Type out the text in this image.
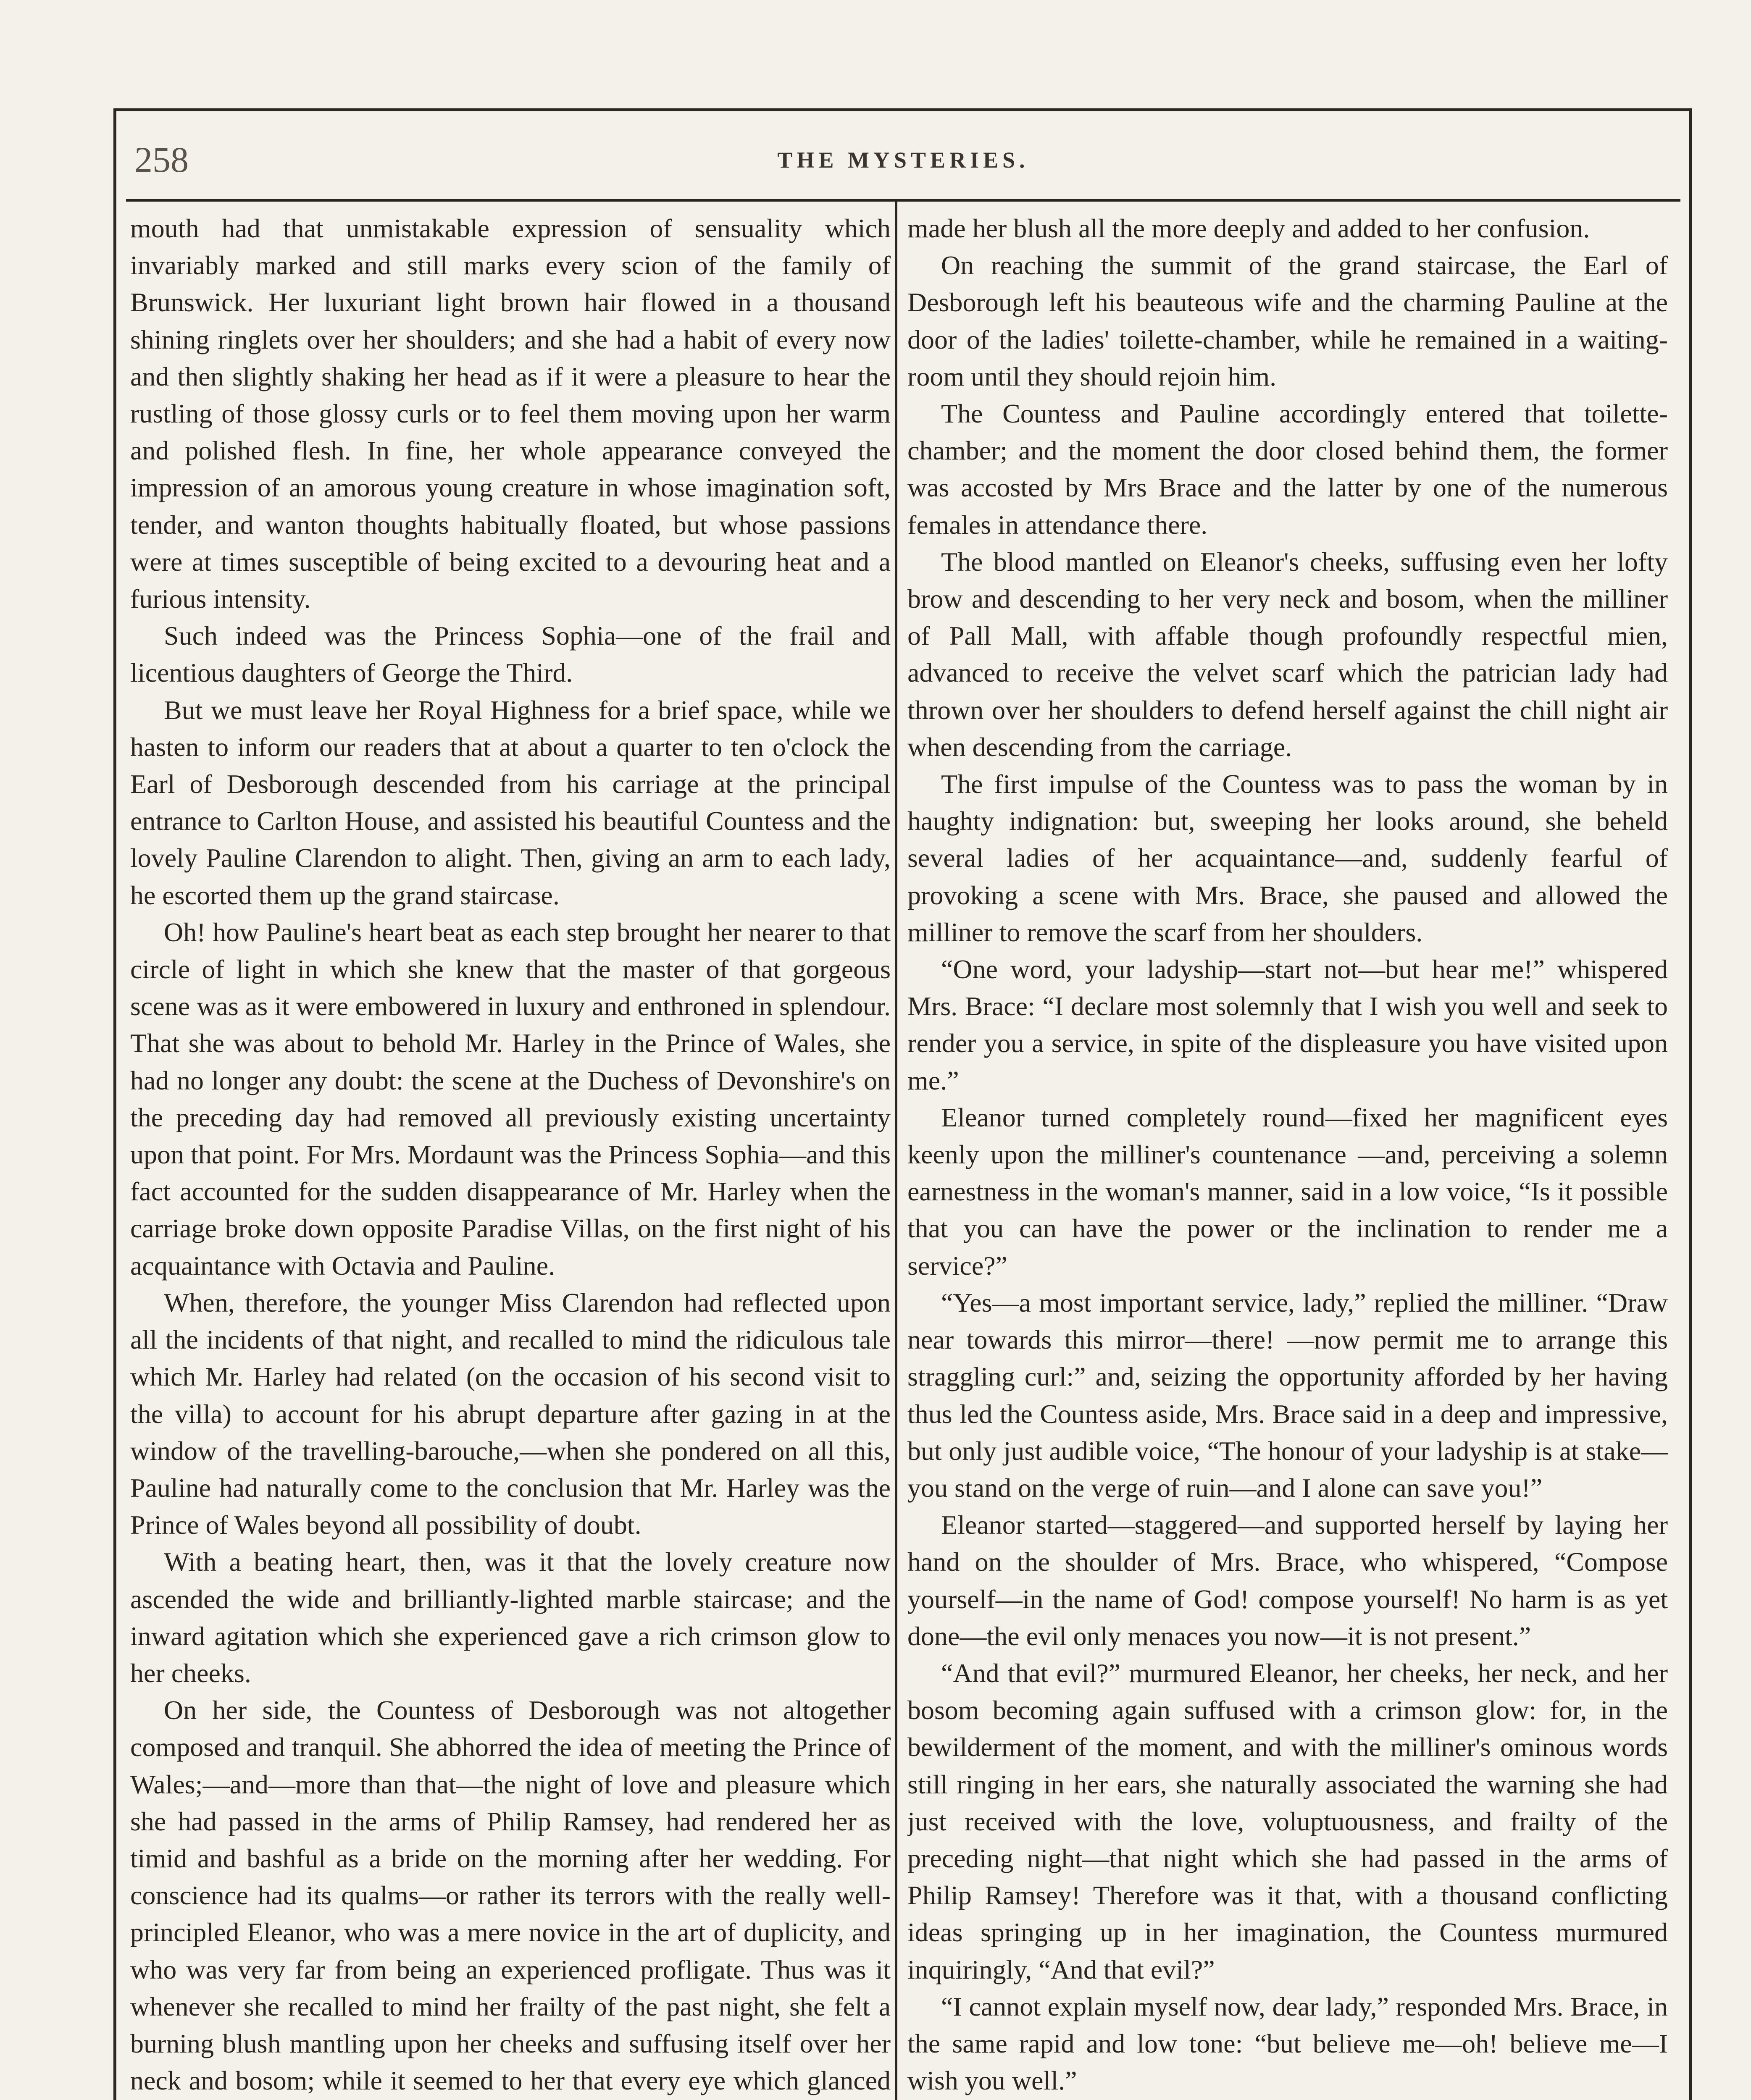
258	THE MYSTERIES.

mouth had that unmistakable expression of sensuality which invariably marked and still marks every scion of the family of Brunswick. Her luxuriant light brown hair flowed in a thousand shining ringlets over her shoulders; and she had a habit of every now and then slightly shaking her head as if it were a pleasure to hear the rustling of those glossy curls or to feel them moving upon her warm and polished flesh. In fine, her whole appearance conveyed the impression of an amorous young creature in whose imagination soft, tender, and wanton thoughts habitually floated, but whose passions were at times susceptible of being excited to a devouring heat and a furious intensity.

Such indeed was the Princess Sophia—one of the frail and licentious daughters of George the Third.

But we must leave her Royal Highness for a brief space, while we hasten to inform our readers that at about a quarter to ten o'clock the Earl of Desborough descended from his carriage at the principal entrance to Carlton House, and assisted his beautiful Countess and the lovely Pauline Clarendon to alight. Then, giving an arm to each lady, he escorted them up the grand staircase.

Oh! how Pauline's heart beat as each step brought her nearer to that circle of light in which she knew that the master of that gorgeous scene was as it were embowered in luxury and enthroned in splendour. That she was about to behold Mr. Harley in the Prince of Wales, she had no longer any doubt: the scene at the Duchess of Devonshire's on the preceding day had removed all previously existing uncertainty upon that point. For Mrs. Mordaunt was the Princess Sophia—and this fact accounted for the sudden disappearance of Mr. Harley when the carriage broke down opposite Paradise Villas, on the first night of his acquaintance with Octavia and Pauline.

When, therefore, the younger Miss Clarendon had reflected upon all the incidents of that night, and recalled to mind the ridiculous tale which Mr. Harley had related (on the occasion of his second visit to the villa) to account for his abrupt departure after gazing in at the window of the travelling-barouche,—when she pondered on all this, Pauline had naturally come to the conclusion that Mr. Harley was the Prince of Wales beyond all possibility of doubt.

With a beating heart, then, was it that the lovely creature now ascended the wide and brilliantly-lighted marble staircase; and the inward agitation which she experienced gave a rich crimson glow to her cheeks.

On her side, the Countess of Desborough was not altogether composed and tranquil. She abhorred the idea of meeting the Prince of Wales;—and—more than that—the night of love and pleasure which she had passed in the arms of Philip Ramsey, had rendered her as timid and bashful as a bride on the morning after her wedding. For conscience had its qualms—or rather its terrors with the really well-principled Eleanor, who was a mere novice in the art of duplicity, and who was very far from being an experienced profligate. Thus was it whenever she recalled to mind her frailty of the past night, she felt a burning blush mantling upon her cheeks and suffusing itself over her neck and bosom; while it seemed to her that every eye which glanced

made her blush all the more deeply and added to her confusion.

On reaching the summit of the grand staircase, the Earl of Desborough left his beauteous wife and the charming Pauline at the door of the ladies' toilette-chamber, while he remained in a waiting-room until they should rejoin him.

The Countess and Pauline accordingly entered that toilette-chamber; and the moment the door closed behind them, the former was accosted by Mrs Brace and the latter by one of the numerous females in attendance there.

The blood mantled on Eleanor's cheeks, suffusing even her lofty brow and descending to her very neck and bosom, when the milliner of Pall Mall, with affable though profoundly respectful mien, advanced to receive the velvet scarf which the patrician lady had thrown over her shoulders to defend herself against the chill night air when descending from the carriage.

The first impulse of the Countess was to pass the woman by in haughty indignation: but, sweeping her looks around, she beheld several ladies of her acquaintance—and, suddenly fearful of provoking a scene with Mrs. Brace, she paused and allowed the milliner to remove the scarf from her shoulders.

“One word, your ladyship—start not—but hear me!” whispered Mrs. Brace: “I declare most solemnly that I wish you well and seek to render you a service, in spite of the displeasure you have visited upon me.”

Eleanor turned completely round—fixed her magnificent eyes keenly upon the milliner's countenance —and, perceiving a solemn earnestness in the woman's manner, said in a low voice, “Is it possible that you can have the power or the inclination to render me a service?”

“Yes—a most important service, lady,” replied the milliner. “Draw near towards this mirror—there! —now permit me to arrange this straggling curl:” and, seizing the opportunity afforded by her having thus led the Countess aside, Mrs. Brace said in a deep and impressive, but only just audible voice, “The honour of your ladyship is at stake—you stand on the verge of ruin—and I alone can save you!”

Eleanor started—staggered—and supported herself by laying her hand on the shoulder of Mrs. Brace, who whispered, “Compose yourself—in the name of God! compose yourself! No harm is as yet done—the evil only menaces you now—it is not present.”

“And that evil?” murmured Eleanor, her cheeks, her neck, and her bosom becoming again suffused with a crimson glow: for, in the bewilderment of the moment, and with the milliner's ominous words still ringing in her ears, she naturally associated the warning she had just received with the love, voluptuousness, and frailty of the preceding night—that night which she had passed in the arms of Philip Ramsey! Therefore was it that, with a thousand conflicting ideas springing up in her imagination, the Countess murmured inquiringly, “And that evil?”

“I cannot explain myself now, dear lady,” responded Mrs. Brace, in the same rapid and low tone: “but believe me—oh! believe me—I wish you well.”
